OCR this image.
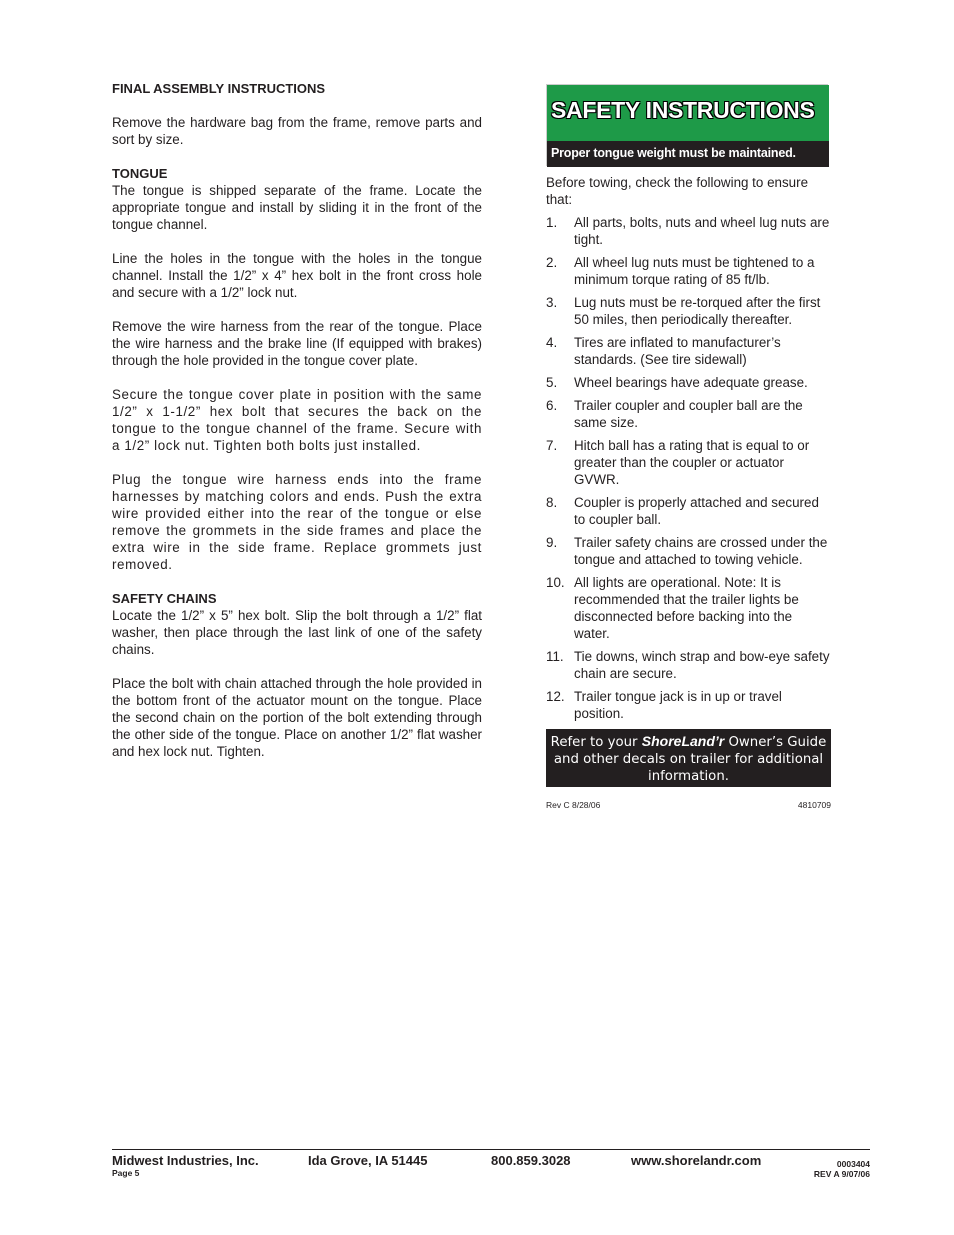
FINAL ASSEMBLY INSTRUCTIONS

Remove the hardware bag from the frame, remove parts and sort by size.

TONGUE

The tongue is shipped separate of the frame. Locate the appropriate tongue and install by sliding it in the front of the tongue channel.

Line the holes in the tongue with the holes in the tongue channel. Install the 1/2” x 4” hex bolt in the front cross hole and secure with a 1/2” lock nut.

Remove the wire harness from the rear of the tongue. Place the wire harness and the brake line (If equipped with brakes) through the hole provided in the tongue cover plate.

Secure the tongue cover plate in position with the same 1/2” x 1-1/2” hex bolt that secures the back on the tongue to the tongue channel of the frame. Secure with a 1/2” lock nut. Tighten both bolts just installed.

Plug the tongue wire harness ends into the frame harnesses by matching colors and ends. Push the extra wire provided either into the rear of the tongue or else remove the grommets in the side frames and place the extra wire in the side frame. Replace grommets just removed.

SAFETY CHAINS

Locate the 1/2” x 5” hex bolt. Slip the bolt through a 1/2” flat washer, then place through the last link of one of the safety chains.

Place the bolt with chain attached through the hole provided in the bottom front of the actuator mount on the tongue. Place the second chain on the portion of the bolt extending through the other side of the tongue. Place on another 1/2” flat washer and hex lock nut. Tighten.

SAFETY INSTRUCTIONS
Proper tongue weight must be maintained.
Before towing, check the following to ensure that:
1.	All parts, bolts, nuts and wheel lug nuts are tight.
2.	All wheel lug nuts must be tightened to a minimum torque rating of 85 ft/lb.
3.	Lug nuts must be re-torqued after the first 50 miles, then periodically thereafter.
4.	Tires are inflated to manufacturer’s standards. (See tire sidewall)
5.	Wheel bearings have adequate grease.
6.	Trailer coupler and coupler ball are the same size.
7.	Hitch ball has a rating that is equal to or greater than the coupler or actuator GVWR.
8.	Coupler is properly attached and secured to coupler ball.
9.	Trailer safety chains are crossed under the tongue and attached to towing vehicle.
10. All lights are operational. Note: It is recommended that the trailer lights be disconnected before backing into the water.
11. Tie downs, winch strap and bow-eye safety chain are secure.
12. Trailer tongue jack is in up or travel position.
Refer to your ShoreLand’r Owner’s Guide and other decals on trailer for additional information.
Rev C 8/28/06	4810709
Midwest Industries, Inc.	Ida Grove, IA 51445	800.859.3028	www.shorelandr.com
Page 5
0003404
REV A 9/07/06
